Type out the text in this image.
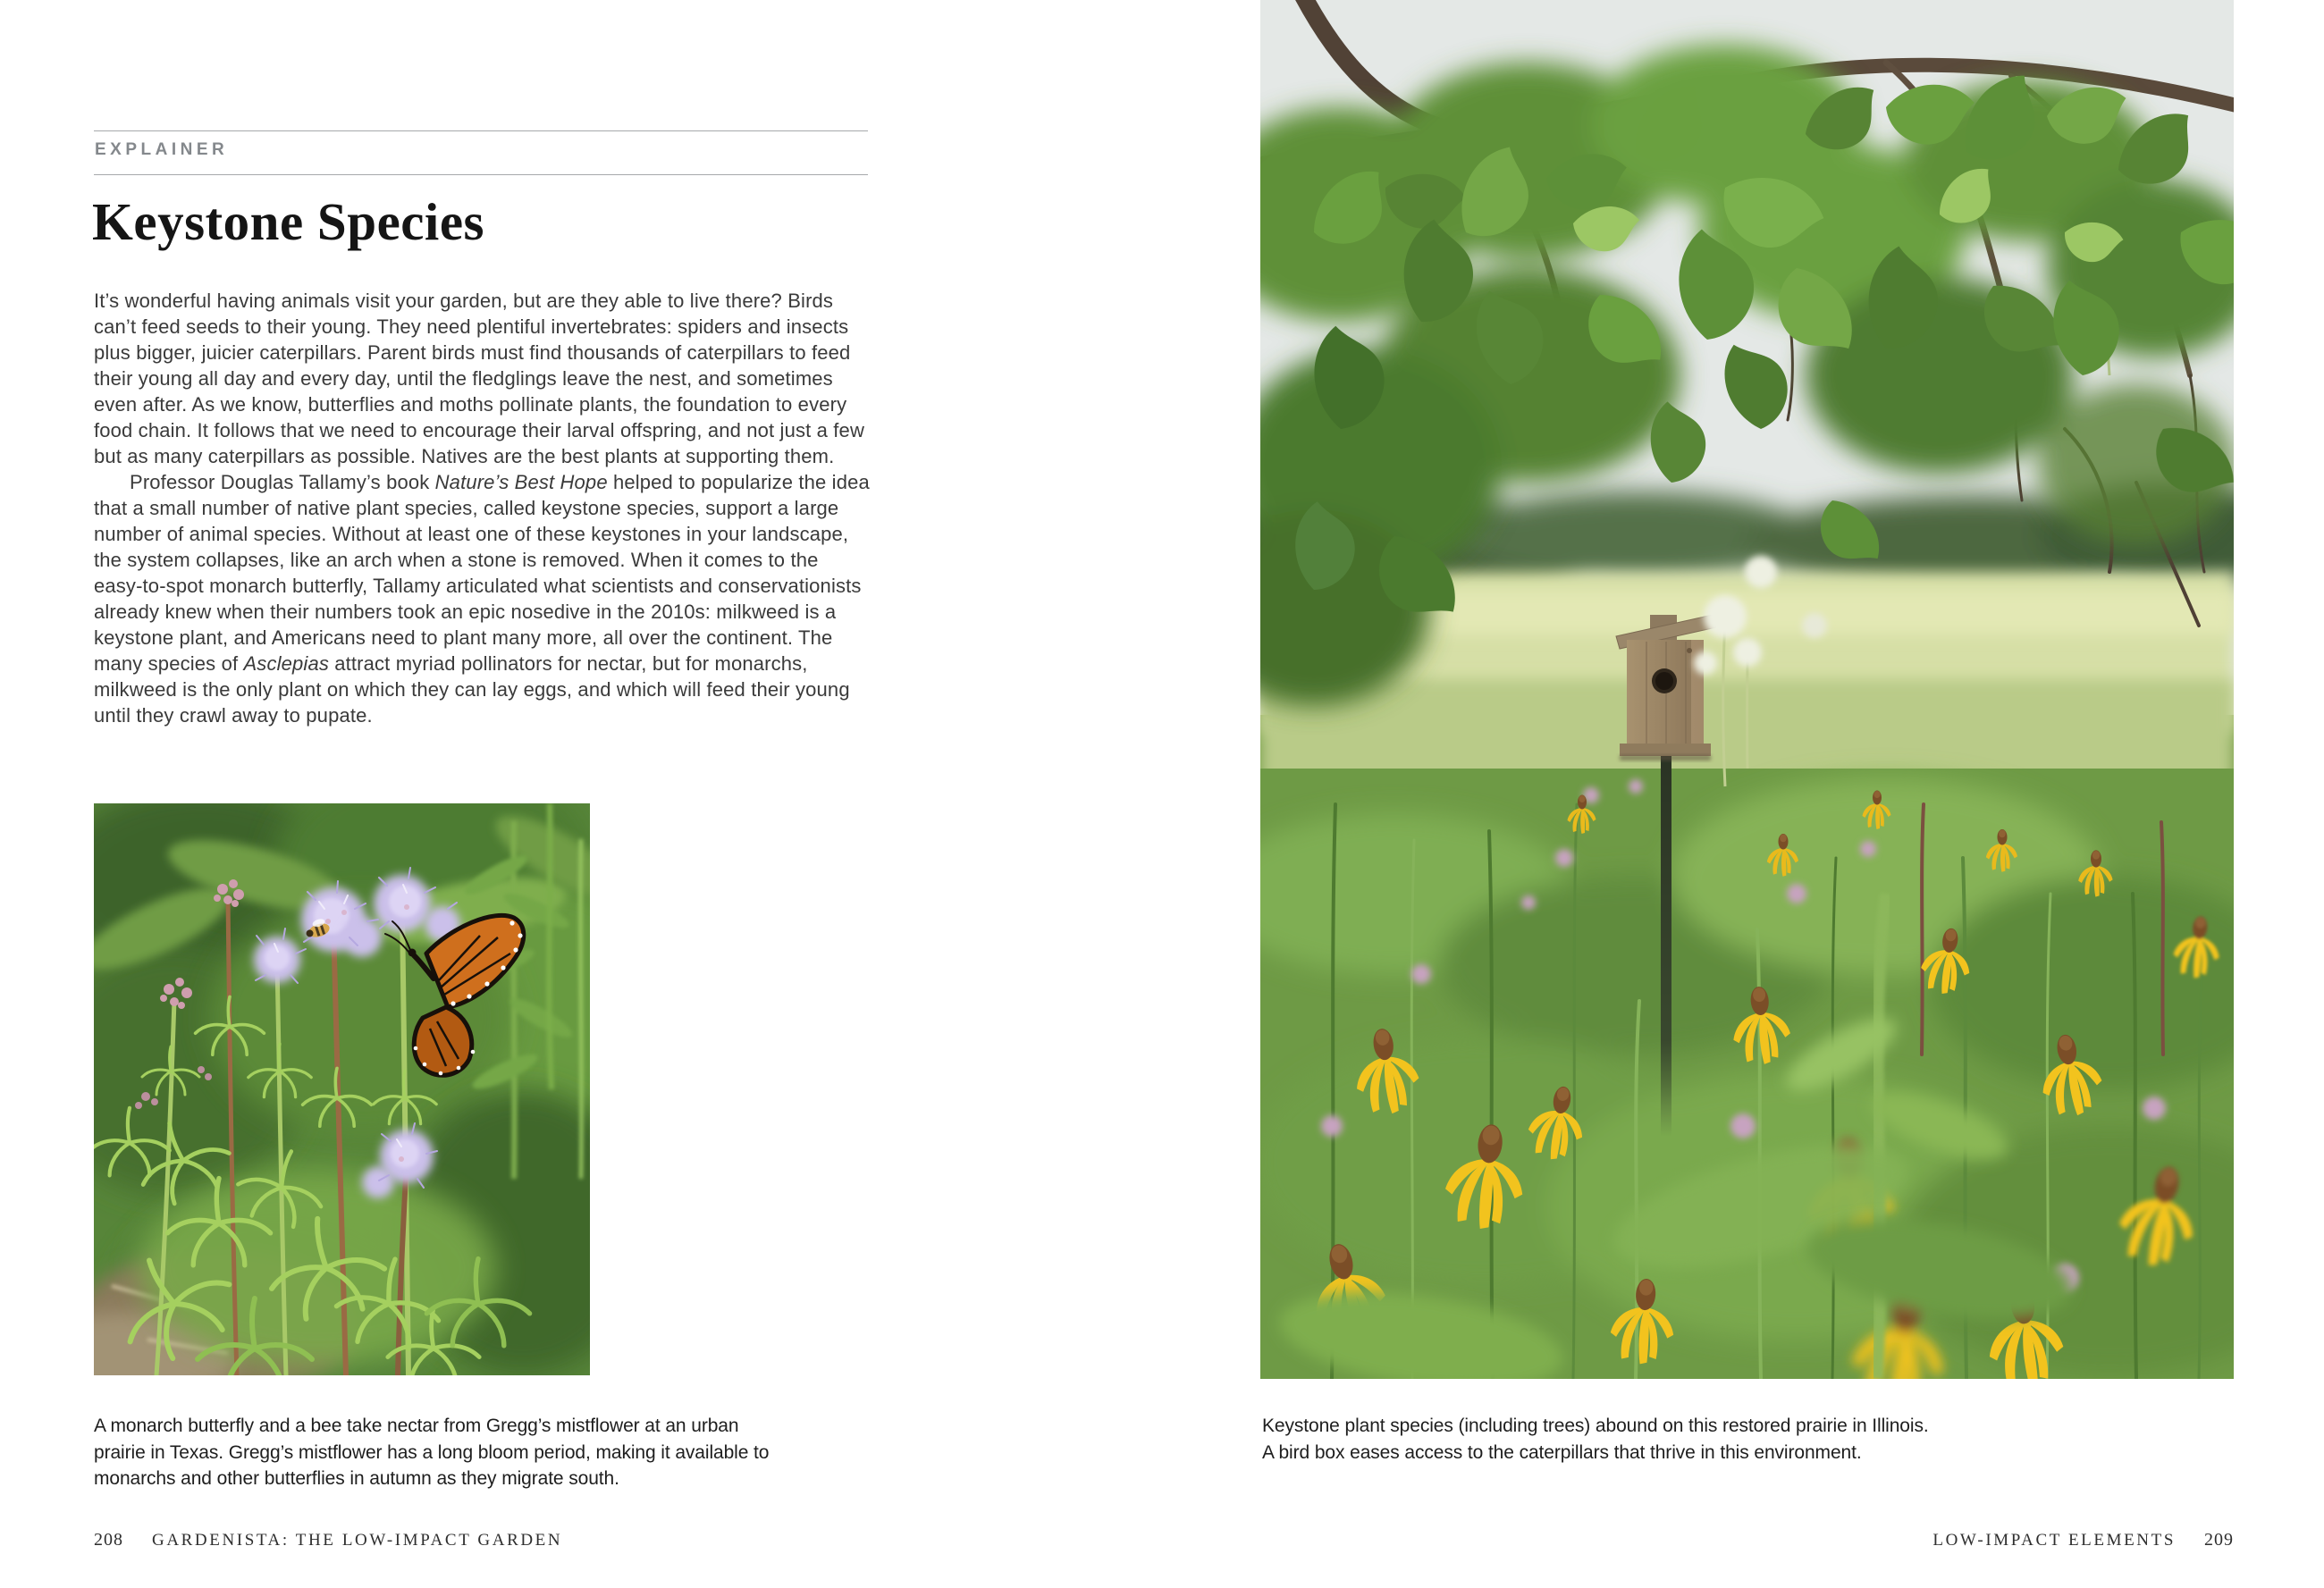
EXPLAINER
Keystone Species

It’s wonderful having animals visit your garden, but are they able to live there? Birds can’t feed seeds to their young. They need plentiful invertebrates: spiders and insects plus bigger, juicier caterpillars. Parent birds must find thousands of caterpillars to feed their young all day and every day, until the fledglings leave the nest, and sometimes even after. As we know, butterflies and moths pollinate plants, the foundation to every food chain. It follows that we need to encourage their larval offspring, and not just a few but as many caterpillars as possible. Natives are the best plants at supporting them.

Professor Douglas Tallamy’s book Nature’s Best Hope helped to popularize the idea that a small number of native plant species, called keystone species, support a large number of animal species. Without at least one of these keystones in your landscape, the system collapses, like an arch when a stone is removed. When it comes to the easy-to-spot monarch butterfly, Tallamy articulated what scientists and conservationists already knew when their numbers took an epic nosedive in the 2010s: milkweed is a keystone plant, and Americans need to plant many more, all over the continent. The many species of Asclepias attract myriad pollinators for nectar, but for monarchs, milkweed is the only plant on which they can lay eggs, and which will feed their young until they crawl away to pupate.

A monarch butterfly and a bee take nectar from Gregg’s mistflower at an urban
prairie in Texas. Gregg’s mistflower has a long bloom period, making it available to
monarchs and other butterflies in autumn as they migrate south.
208 GARDENISTA: THE LOW-IMPACT GARDEN
Keystone plant species (including trees) abound on this restored prairie in Illinois.
A bird box eases access to the caterpillars that thrive in this environment.
LOW-IMPACT ELEMENTS 209
